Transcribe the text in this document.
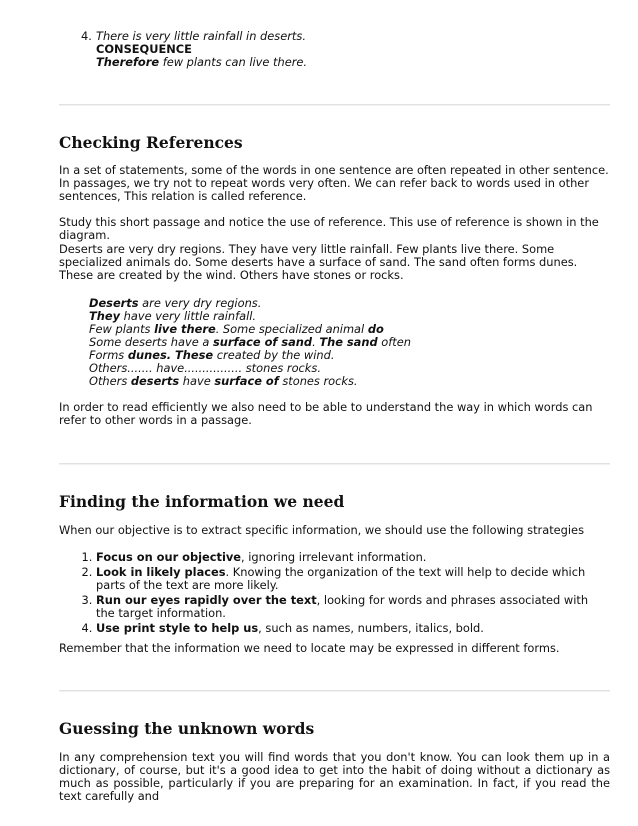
4. There is very little rainfall in deserts.
CONSEQUENCE
Therefore few plants can live there.
Checking References

In a set of statements, some of the words in one sentence are often repeated in other sentence. In passages, we try not to repeat words very often. We can refer back to words used in other sentences, This relation is called reference.

Study this short passage and notice the use of reference. This use of reference is shown in the diagram.

Deserts are very dry regions. They have very little rainfall. Few plants live there. Some specialized animals do. Some deserts have a surface of sand. The sand often forms dunes. These are created by the wind. Others have stones or rocks.

Deserts are very dry regions.
They have very little rainfall.
Few plants live there. Some specialized animal do
Some deserts have a surface of sand. The sand often
Forms dunes. These created by the wind.
Others....... have................ stones rocks.
Others deserts have surface of stones rocks.

In order to read efficiently we also need to be able to understand the way in which words can refer to other words in a passage.

Finding the information we need

When our objective is to extract specific information, we should use the following strategies

1. Focus on our objective, ignoring irrelevant information.
2. Look in likely places. Knowing the organization of the text will help to decide which parts of the text are more likely.
3. Run our eyes rapidly over the text, looking for words and phrases associated with the target information.
4. Use print style to help us, such as names, numbers, italics, bold.

Remember that the information we need to locate may be expressed in different forms.

Guessing the unknown words

In any comprehension text you will find words that you don't know. You can look them up in a dictionary, of course, but it's a good idea to get into the habit of doing without a dictionary as much as possible, particularly if you are preparing for an examination. In fact, if you read the text carefully and
